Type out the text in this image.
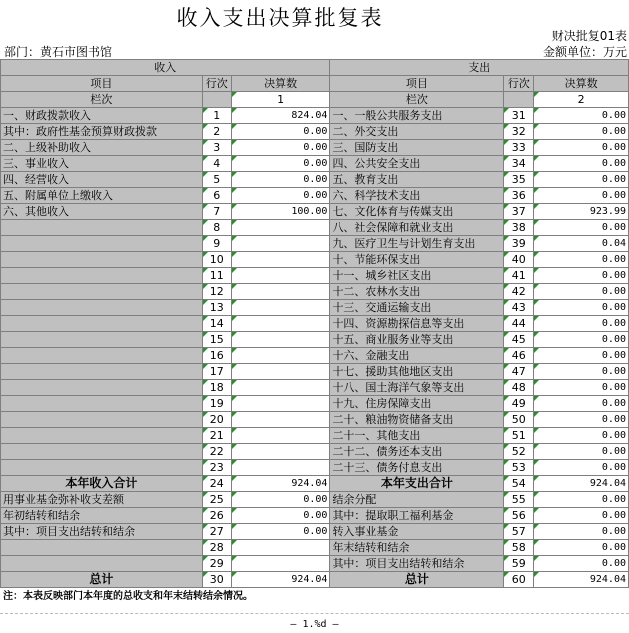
收入支出决算批复表
财决批复01表
部门：黄石市图书馆	金额单位：万元
收入			支出		
项目	行次	决算数	项目	行次	决算数
栏次		1	栏次		2
一、财政拨款收入	1	824.04	一、一般公共服务支出	31	0.00
其中：政府性基金预算财政拨款	2	0.00	二、外交支出	32	0.00
二、上级补助收入	3	0.00	三、国防支出	33	0.00
三、事业收入	4	0.00	四、公共安全支出	34	0.00
四、经营收入	5	0.00	五、教育支出	35	0.00
五、附属单位上缴收入	6	0.00	六、科学技术支出	36	0.00
六、其他收入	7	100.00	七、文化体育与传媒支出	37	923.99
	8		八、社会保障和就业支出	38	0.00
	9		九、医疗卫生与计划生育支出	39	0.04
	10		十、节能环保支出	40	0.00
	11		十一、城乡社区支出	41	0.00
	12		十二、农林水支出	42	0.00
	13		十三、交通运输支出	43	0.00
	14		十四、资源勘探信息等支出	44	0.00
	15		十五、商业服务业等支出	45	0.00
	16		十六、金融支出	46	0.00
	17		十七、援助其他地区支出	47	0.00
	18		十八、国土海洋气象等支出	48	0.00
	19		十九、住房保障支出	49	0.00
	20		二十、粮油物资储备支出	50	0.00
	21		二十一、其他支出	51	0.00
	22		二十二、债务还本支出	52	0.00
	23		二十三、债务付息支出	53	0.00
本年收入合计	24	924.04	本年支出合计	54	924.04
用事业基金弥补收支差额	25	0.00	结余分配	55	0.00
年初结转和结余	26	0.00	其中：提取职工福利基金	56	0.00
其中：项目支出结转和结余	27	0.00	转入事业基金	57	0.00
	28		年末结转和结余	58	0.00
	29		其中：项目支出结转和结余	59	0.00
总计	30	924.04	总计	60	924.04
注：本表反映部门本年度的总收支和年末结转结余情况。
— 1.%d —
